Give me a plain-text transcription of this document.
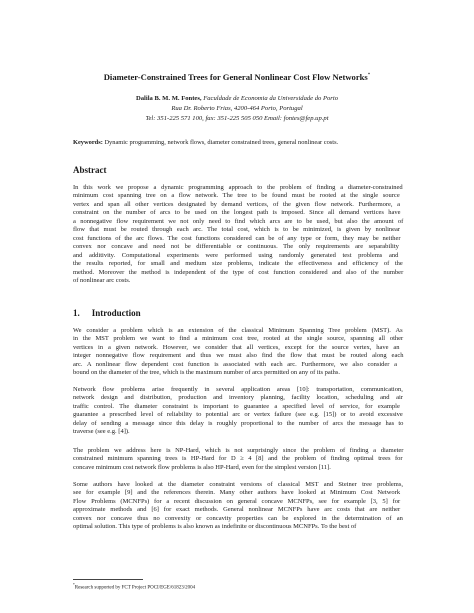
Diameter-Constrained Trees for General Nonlinear Cost Flow Networks*
Dalila B. M. M. Fontes, Faculdade de Economia da Universidade do Porto
Rua Dr. Roberto Frias, 4200-464 Porto, Portugal
Tel: 351-225 571 100, fax: 351-225 505 050 Email: fontes@fep.up.pt
Keywords: Dynamic programming, network flows, diameter constrained trees, general nonlinear costs.
Abstract
In this work we propose a dynamic programming approach to the problem of finding a diameter-constrained
minimum cost spanning tree on a flow network. The tree to be found must be rooted at the single source
vertex and span all other vertices designated by demand vertices, of the given flow network. Furthermore, a
constraint on the number of arcs to be used on the longest path is imposed. Since all demand vertices have
a nonnegative flow requirement we not only need to find which arcs are to be used, but also the amount of
flow that must be routed through each arc. The total cost, which is to be minimized, is given by nonlinear
cost functions of the arc flows. The cost functions considered can be of any type or form, they may be neither
convex nor concave and need not be differentiable or continuous. The only requirements are separability
and additivity. Computational experiments were performed using randomly generated test problems and
the results reported, for small and medium size problems, indicate the effectiveness and efficiency of the
method. Moreover the method is independent of the type of cost function considered and also of the number
of nonlinear arc costs.
1. Introduction
We consider a problem which is an extension of the classical Minimum Spanning Tree problem (MST). As
in the MST problem we want to find a minimum cost tree, rooted at the single source, spanning all other
vertices in a given network. However, we consider that all vertices, except for the source vertex, have an
integer nonnegative flow requirement and thus we must also find the flow that must be routed along each
arc. A nonlinear flow dependent cost function is associated with each arc. Furthermore, we also consider a
bound on the diameter of the tree, which is the maximum number of arcs permitted on any of its paths.
Network flow problems arise frequently in several application areas [10]: transportation, communication,
network design and distribution, production and inventory planning, facility location, scheduling and air
traffic control. The diameter constraint is important to guarantee a specified level of service, for example
guarantee a prescribed level of reliability to potential arc or vertex failure (see e.g. [15]) or to avoid excessive
delay of sending a message since this delay is roughly proportional to the number of arcs the message has to
traverse (see e.g. [4]).
The problem we address here is NP-Hard, which is not surprisingly since the problem of finding a diameter
constrained minimum spanning trees is HP-Hard for D ≥ 4 [8] and the problem of finding optimal trees for
concave minimum cost network flow problems is also HP-Hard, even for the simplest version [11].
Some authors have looked at the diameter constraint versions of classical MST and Steiner tree problems,
see for example [9] and the references therein. Many other authors have looked at Minimum Cost Network
Flow Problems (MCNFPs) for a recent discussion on general concave MCNFPs, see for example [3, 5] for
approximate methods and [6] for exact methods. General nonlinear MCNFPs have arc costs that are neither
convex nor concave thus no convexity or concavity properties can be explored in the determination of an
optimal solution. This type of problems is also known as indefinite or discontinuous MCNFPs. To the best of
*Research supported by FCT Project POCI/EGE/61823/2004
